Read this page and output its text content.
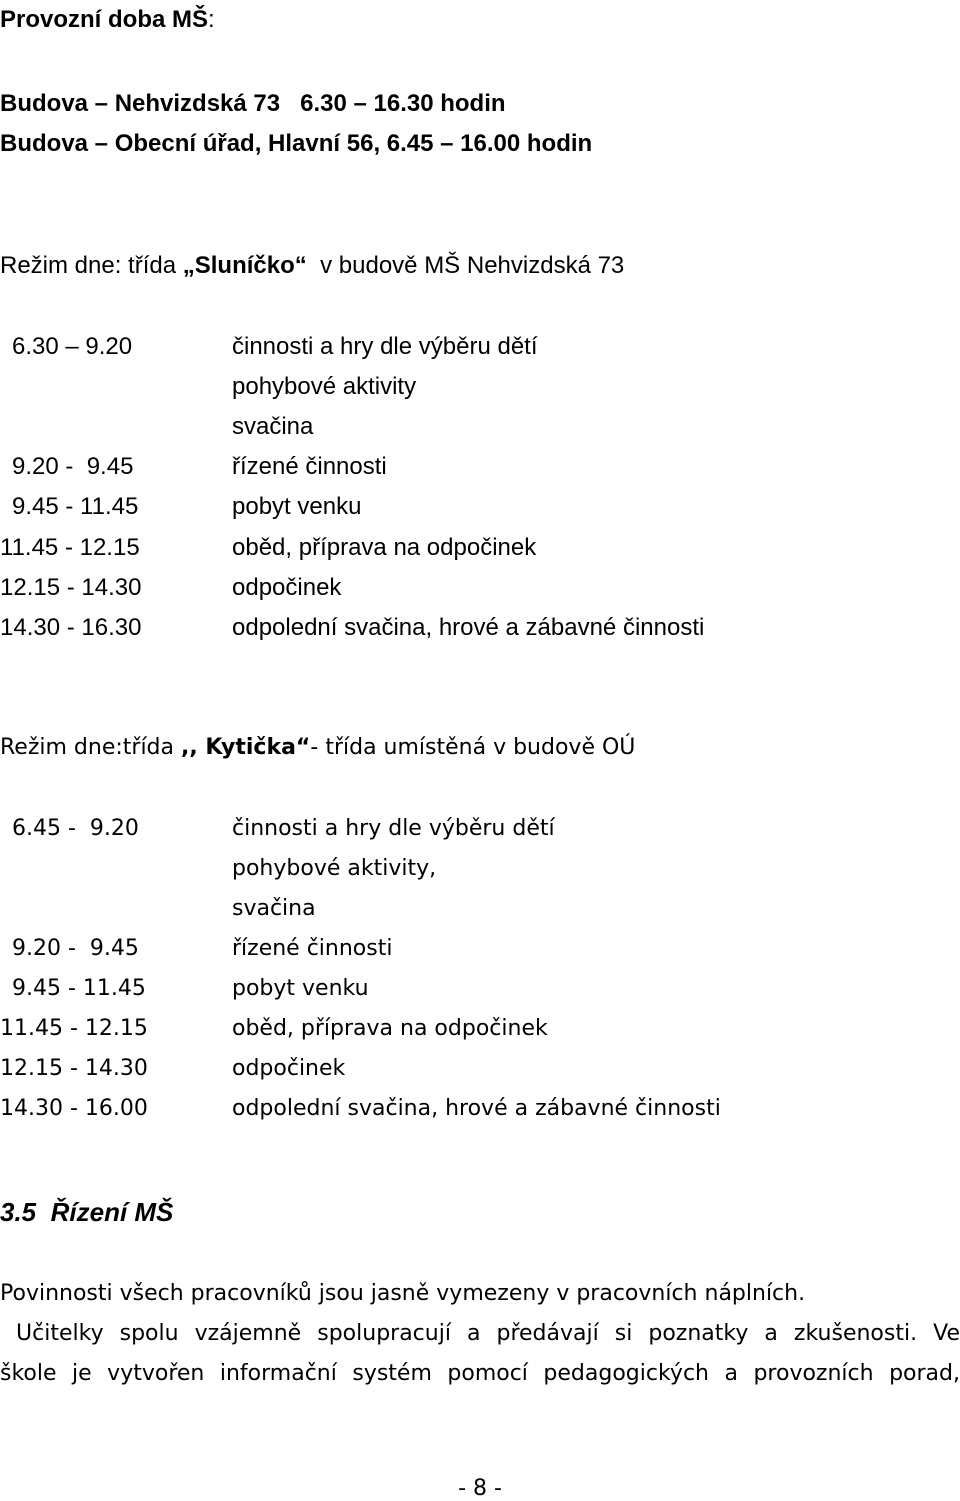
Provozní doba MŠ:
Budova – Nehvizdská 73   6.30 – 16.30 hodin
Budova – Obecní úřad, Hlavní 56, 6.45 – 16.00 hodin
Režim dne: třída „Sluníčko“  v budově MŠ Nehvizdská 73
6.30 – 9.20	činnosti a hry dle výběru dětí
pohybové aktivity
svačina
9.20 -  9.45	řízené činnosti
9.45 - 11.45	pobyt venku
11.45 - 12.15	oběd, příprava na odpočinek
12.15 - 14.30	odpočinek
14.30 - 16.30	odpolední svačina, hrové a zábavné činnosti
Režim dne:třída ,, Kytička“- třída umístěná v budově OÚ
6.45 -  9.20	činnosti a hry dle výběru dětí
pohybové aktivity,
svačina
9.20 -  9.45	řízené činnosti
9.45 - 11.45	pobyt venku
11.45 - 12.15	oběd, příprava na odpočinek
12.15 - 14.30	odpočinek
14.30 - 16.00	odpolední svačina, hrové a zábavné činnosti
3.5 Řízení MŠ
Povinnosti všech pracovníků jsou jasně vymezeny v pracovních náplních.
Učitelky spolu vzájemně spolupracují a předávají si poznatky a zkušenosti. Ve
škole je vytvořen informační systém pomocí pedagogických a provozních porad,
- 8 -
